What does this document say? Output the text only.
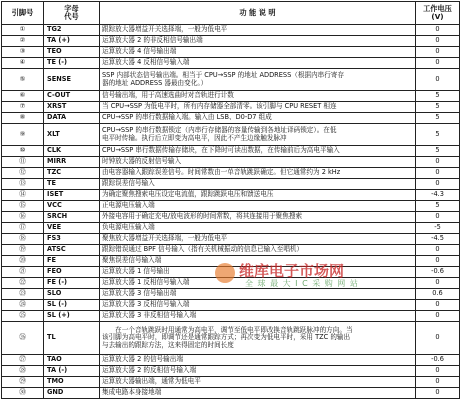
引脚号	字母
代号	功 能 说 明	工作电压
(V)
①	TG2	跟踪放大器增益开关选择端，一般为低电平	0
②	TA (+)	运算放大器 2 的非反相信号输出端	0
③	TEO	运算放大器 4 信号输出端	0
④	TE (-)	运算放大器 4 反相信号输入端	0
⑤	SENSE	SSP 内部状态信号输出端。相当于 CPU→SSP 的地址 ADDRESS（根据内串行寄存
器的地址 ADDRESS 器最由变化。）	0
⑥	C-OUT	信号输出端，用于高速选曲时对音轨进行计数	5
⑦	XRST	当 CPU→SSP 为低电平时，所有内存储器全部清零。该引脚与 CPU RESET 相连	5
⑧	DATA	CPU→SSP 的串行数据输入端。输入由 LSB、D0-D7 组成	5
⑨	XLT	CPU→SSP 的串行数据锁定（内串行存储器的容量传输到各地址译码锁定）。在低
电平时传输。执行后立即变为高电平，因此不产生边缘触发脉冲	5
⑩	CLK	CPU→SSP 串行数据传输存储块，在下降时可读出数据，在传输前后为高电平输入	5
⑪	MIRR	时钟放大器的反射信号输入	0
⑫	TZC	由电容器输入跟踪误差信号。时间常数由一单音轨跳跃确定。但它通常约为 2 kHz	0
⑬	TE	跟踪误差信号输入	0
⑭	ISET	为确定聚焦搜索电压设定电流值，跟踪跳跃电压和馈送电压	-4.3
⑮	VCC	正电源电压输入端	5
⑯	SRCH	外接电容用于确定充电/放电波形的时间常数，将其连接用于聚焦搜索	0
⑰	VEE	负电源电压输入端	-5
⑱	FS3	聚焦放大器增益开关选择端，一般为低电平	-4.5
⑲	ATSC	跟踪错误通过 BPF 信号输入（指有关机械振动的信息已输入至唱机）	0
⑳	FE	聚焦误差信号输入端	0
㉑	FEO	运算放大器 1 信号输出	-0.6
㉒	FE (-)	运算放大器 1 反相信号输入端	0
㉓	SLO	运算放大器 3 信号输出端	0.6
㉔	SL (-)	运算放大器 3 反相信号输入端	0
㉕	SL (+)	运算放大器 3 非反相信号输入端	0
㉖	TL	　　在一个音轨跳跃时用通常为高电平，调节至低电平即改换音轨跳跃脉冲的方向。当
该引脚为高电平时，即调节还是通常跟踪方式；再次变为低电平时，采用 TZC 的输出
与去输出的跟踪方法，这来得固定的时间长度	0
㉗	TAO	运算放大器 2 的信号输出端	-0.6
㉘	TA (-)	运算放大器 2 的反相信号输入端	0
㉙	TMO	运算放大器输出端，通常为低电平	0
㉚	GND	集成电路本身接地端	0
维库电子市场网
全 球 最 大 I C 采 购 网 站
